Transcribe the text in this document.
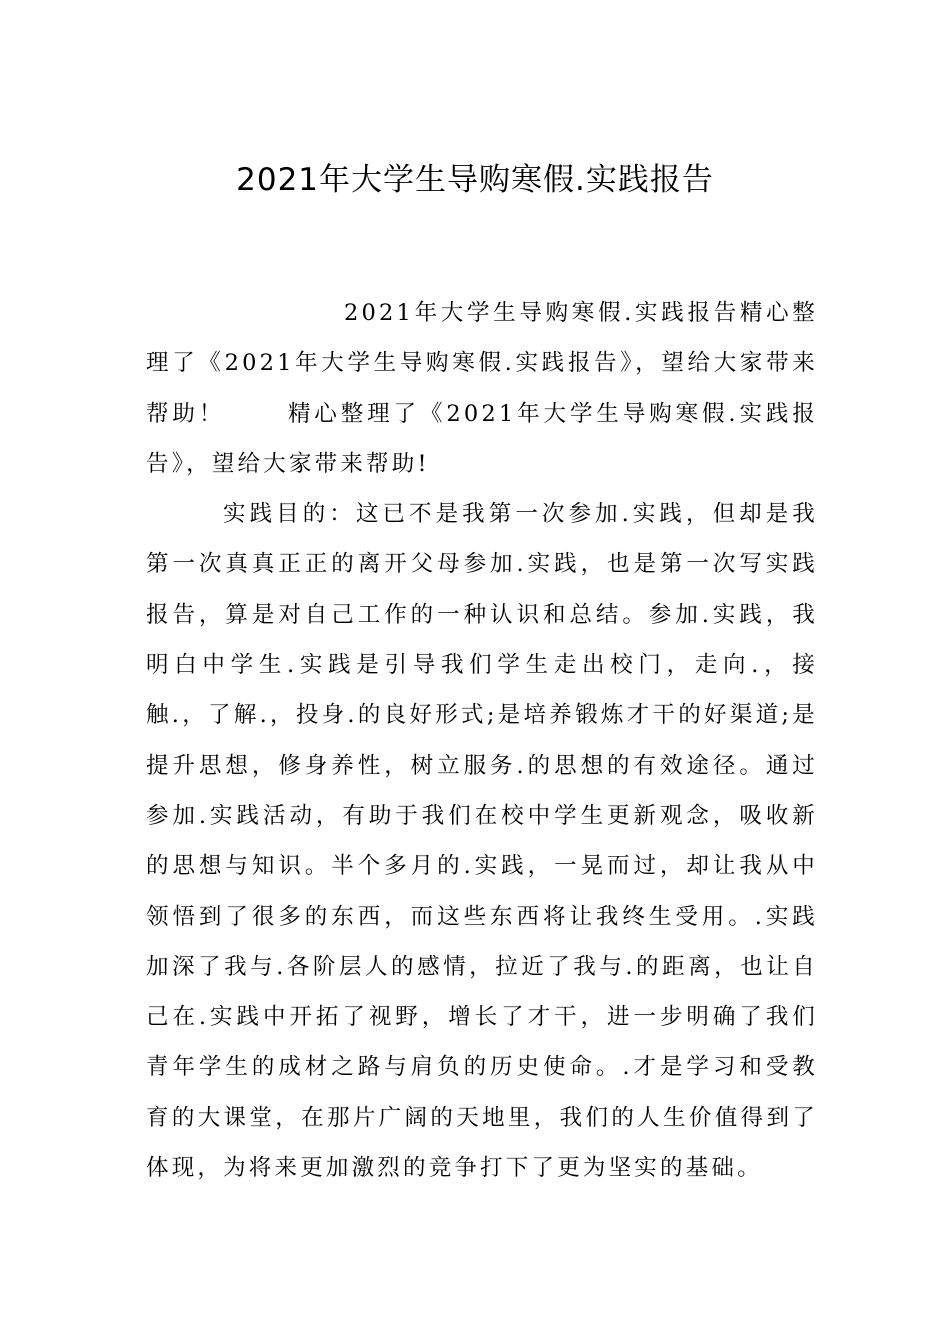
2021年大学生导购寒假.实践报告

2021年大学生导购寒假.实践报告精心整理了《2021年大学生导购寒假.实践报告》，望给大家带来帮助！	精心整理了《2021年大学生导购寒假.实践报告》，望给大家带来帮助!

实践目的：这已不是我第一次参加.实践，但却是我第一次真真正正的离开父母参加.实践，也是第一次写实践报告，算是对自己工作的一种认识和总结。参加.实践，我明白中学生.实践是引导我们学生走出校门，走向.，接触.，了解.，投身.的良好形式;是培养锻炼才干的好渠道;是提升思想，修身养性，树立服务.的思想的有效途径。通过参加.实践活动，有助于我们在校中学生更新观念，吸收新的思想与知识。半个多月的.实践，一晃而过，却让我从中领悟到了很多的东西，而这些东西将让我终生受用。.实践加深了我与.各阶层人的感情，拉近了我与.的距离，也让自己在.实践中开拓了视野，增长了才干，进一步明确了我们青年学生的成材之路与肩负的历史使命。.才是学习和受教育的大课堂，在那片广阔的天地里，我们的人生价值得到了体现，为将来更加激烈的竞争打下了更为坚实的基础。
